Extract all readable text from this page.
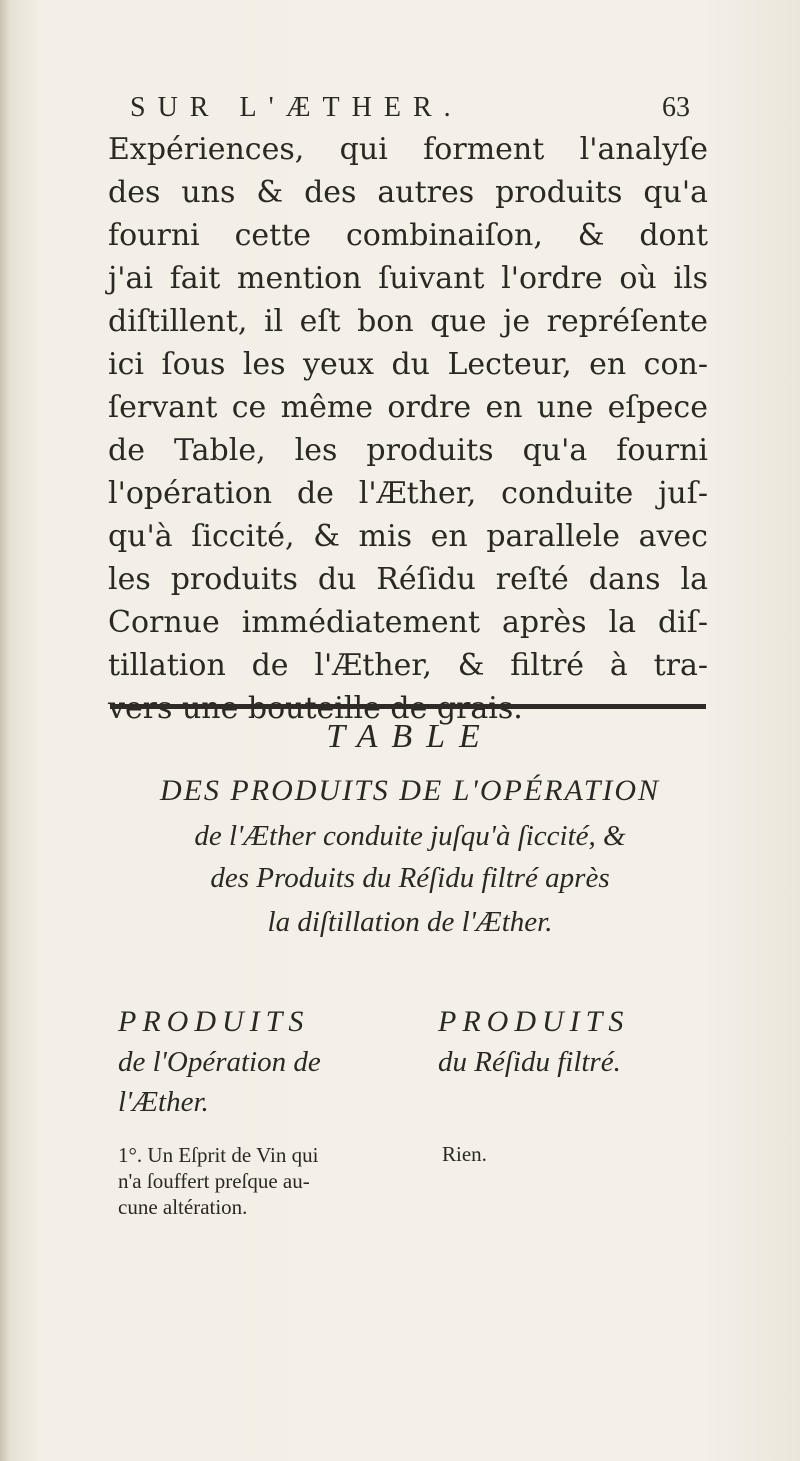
SUR L'ÆTHER.	63
Expériences, qui forment l'analyſe
des uns & des autres produits qu'a
fourni cette combinaiſon, & dont
j'ai fait mention ſuivant l'ordre où ils
diſtillent, il eſt bon que je repréſente
ici ſous les yeux du Lecteur, en con-
ſervant ce même ordre en une eſpece
de Table, les produits qu'a fourni
l'opération de l'Æther, conduite juſ-
qu'à ſiccité, & mis en parallele avec
les produits du Réſidu reſté dans la
Cornue immédiatement après la diſ-
tillation de l'Æther, & filtré à tra-
vers une bouteille de grais.
TABLE
DES PRODUITS DE L'OPÉRATION
de l'Æther conduite juſqu'à ſiccité, &
des Produits du Réſidu filtré après
la diſtillation de l'Æther.
PRODUITS
de l'Opération de
l'Æther.
PRODUITS
du Réſidu filtré.
1°. Un Eſprit de Vin qui
n'a ſouffert preſque au-
cune altération.
Rien.
